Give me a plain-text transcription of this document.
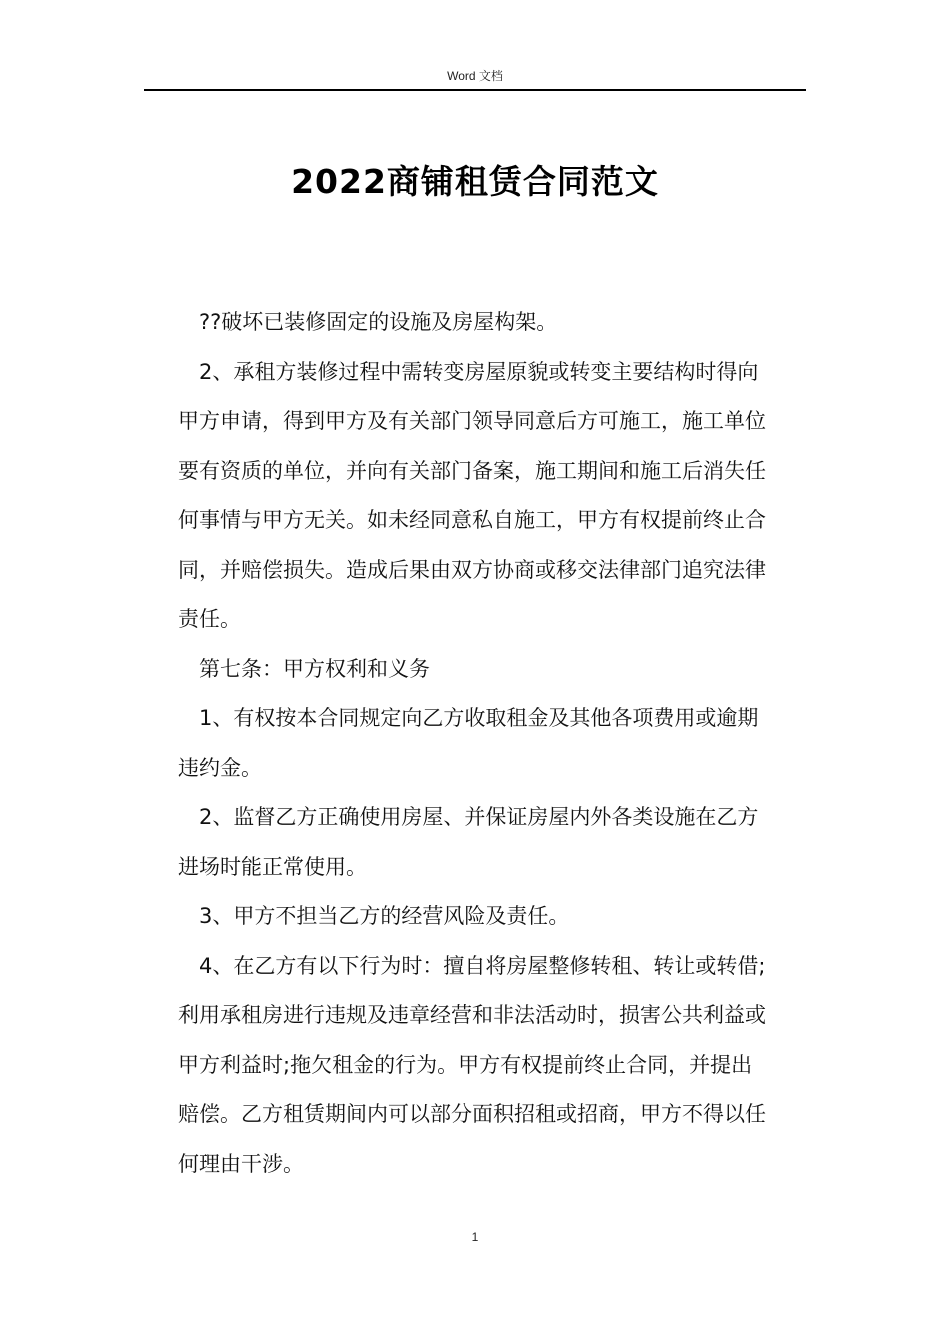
Word 文档
2022商铺租赁合同范文

??破坏已装修固定的设施及房屋构架。

2、承租方装修过程中需转变房屋原貌或转变主要结构时得向

甲方申请，得到甲方及有关部门领导同意后方可施工，施工单位

要有资质的单位，并向有关部门备案，施工期间和施工后消失任

何事情与甲方无关。如未经同意私自施工，甲方有权提前终止合

同，并赔偿损失。造成后果由双方协商或移交法律部门追究法律

责任。

第七条：甲方权利和义务

1、有权按本合同规定向乙方收取租金及其他各项费用或逾期

违约金。

2、监督乙方正确使用房屋、并保证房屋内外各类设施在乙方

进场时能正常使用。

3、甲方不担当乙方的经营风险及责任。

4、在乙方有以下行为时：擅自将房屋整修转租、转让或转借;

利用承租房进行违规及违章经营和非法活动时，损害公共利益或

甲方利益时;拖欠租金的行为。甲方有权提前终止合同，并提出

赔偿。乙方租赁期间内可以部分面积招租或招商，甲方不得以任

何理由干涉。

1
